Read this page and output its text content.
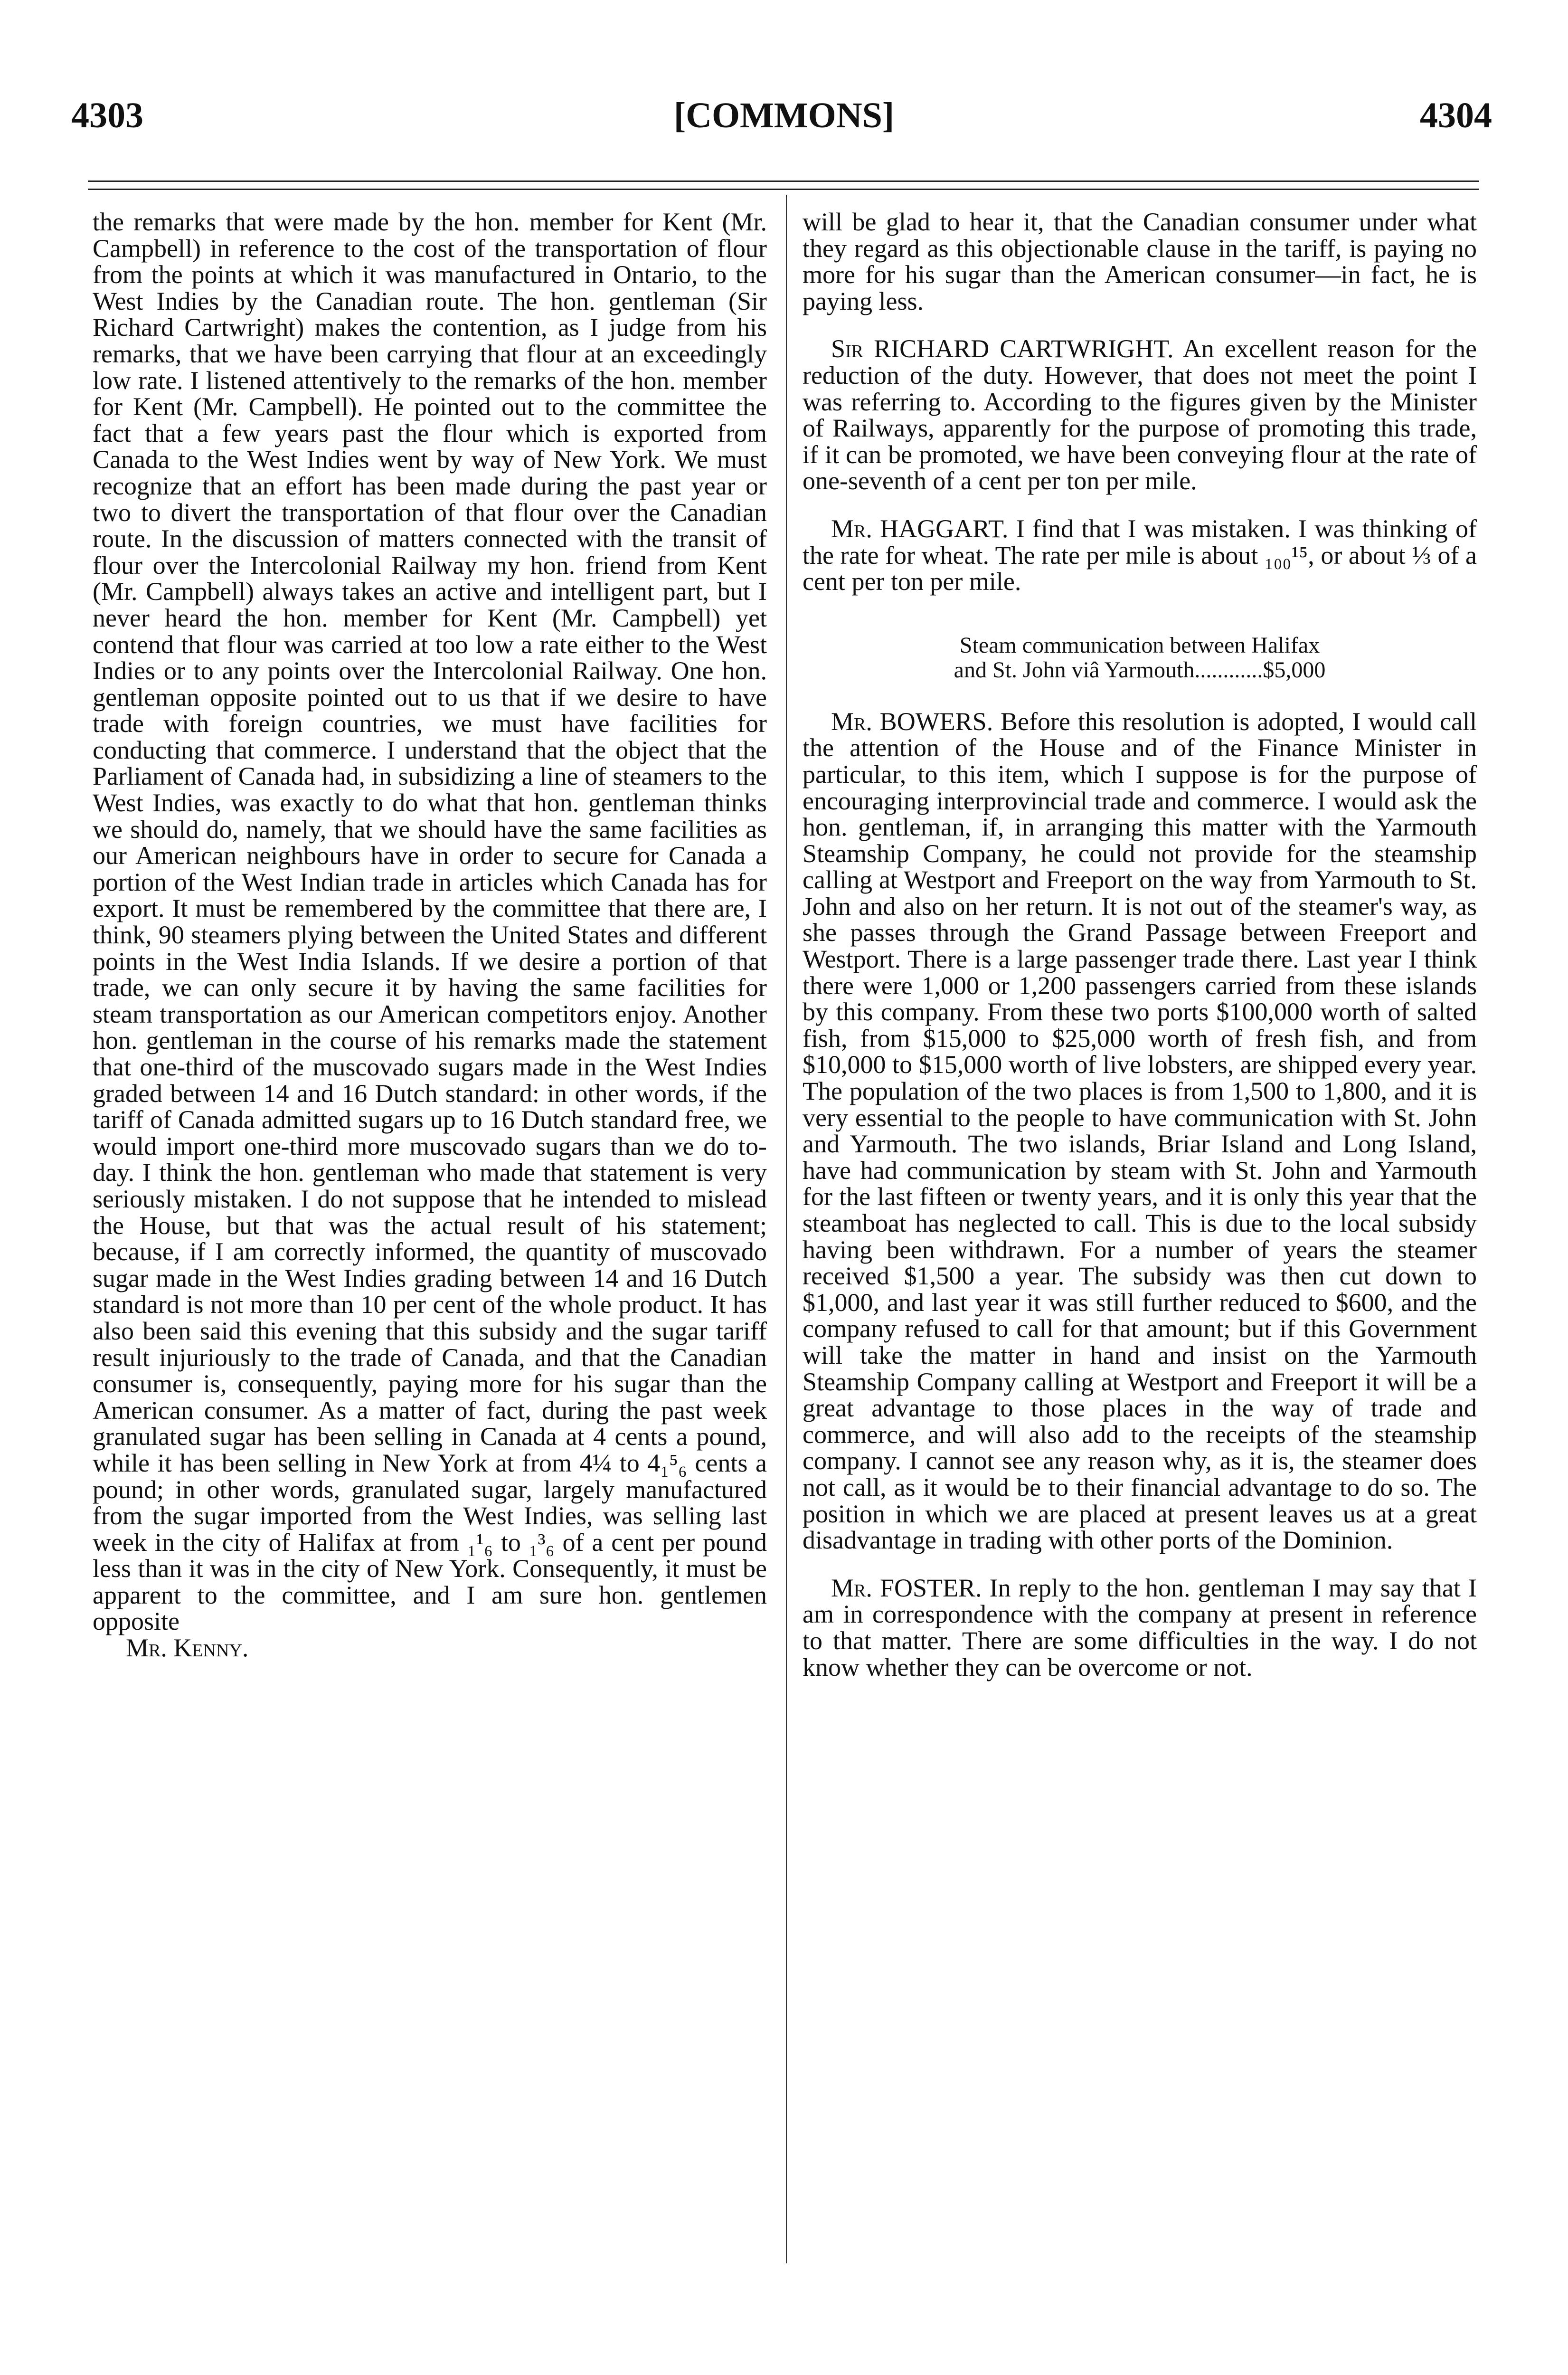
4303	[COMMONS]	4304

the remarks that were made by the hon. member for Kent (Mr. Campbell) in reference to the cost of the transportation of flour from the points at which it was manufactured in Ontario, to the West Indies by the Canadian route. The hon. gentleman (Sir Richard Cartwright) makes the contention, as I judge from his remarks, that we have been carrying that flour at an exceedingly low rate. I listened attentively to the remarks of the hon. member for Kent (Mr. Campbell). He pointed out to the committee the fact that a few years past the flour which is exported from Canada to the West Indies went by way of New York. We must recognize that an effort has been made during the past year or two to divert the transportation of that flour over the Canadian route. In the discussion of matters connected with the transit of flour over the Intercolonial Railway my hon. friend from Kent (Mr. Campbell) always takes an active and intelligent part, but I never heard the hon. member for Kent (Mr. Campbell) yet contend that flour was carried at too low a rate either to the West Indies or to any points over the Intercolonial Railway. One hon. gentleman opposite pointed out to us that if we desire to have trade with foreign countries, we must have facilities for conducting that commerce. I understand that the object that the Parliament of Canada had, in subsidizing a line of steamers to the West Indies, was exactly to do what that hon. gentleman thinks we should do, namely, that we should have the same facilities as our American neighbours have in order to secure for Canada a portion of the West Indian trade in articles which Canada has for export. It must be remembered by the committee that there are, I think, 90 steamers plying between the United States and different points in the West India Islands. If we desire a portion of that trade, we can only secure it by having the same facilities for steam transportation as our American competitors enjoy. Another hon. gentleman in the course of his remarks made the statement that one-third of the muscovado sugars made in the West Indies graded between 14 and 16 Dutch standard: in other words, if the tariff of Canada admitted sugars up to 16 Dutch standard free, we would import one-third more muscovado sugars than we do to-day. I think the hon. gentleman who made that statement is very seriously mistaken. I do not suppose that he intended to mislead the House, but that was the actual result of his statement; because, if I am correctly informed, the quantity of muscovado sugar made in the West Indies grading between 14 and 16 Dutch standard is not more than 10 per cent of the whole product. It has also been said this evening that this subsidy and the sugar tariff result injuriously to the trade of Canada, and that the Canadian consumer is, consequently, paying more for his sugar than the American consumer. As a matter of fact, during the past week granulated sugar has been selling in Canada at 4 cents a pound, while it has been selling in New York at from 4¼ to 4₁⁵₆ cents a pound; in other words, granulated sugar, largely manufactured from the sugar imported from the West Indies, was selling last week in the city of Halifax at from ₁¹₆ to ₁³₆ of a cent per pound less than it was in the city of New York. Consequently, it must be apparent to the committee, and I am sure hon. gentlemen opposite

Mr. Kenny.

will be glad to hear it, that the Canadian consumer under what they regard as this objectionable clause in the tariff, is paying no more for his sugar than the American consumer—in fact, he is paying less.

Sir RICHARD CARTWRIGHT. An excellent reason for the reduction of the duty. However, that does not meet the point I was referring to. According to the figures given by the Minister of Railways, apparently for the purpose of promoting this trade, if it can be promoted, we have been conveying flour at the rate of one-seventh of a cent per ton per mile.

Mr. HAGGART. I find that I was mistaken. I was thinking of the rate for wheat. The rate per mile is about ₁₀₀¹⁵, or about ⅓ of a cent per ton per mile.

Steam communication between Halifax
and St. John viâ Yarmouth............$5,000

Mr. BOWERS. Before this resolution is adopted, I would call the attention of the House and of the Finance Minister in particular, to this item, which I suppose is for the purpose of encouraging interprovincial trade and commerce. I would ask the hon. gentleman, if, in arranging this matter with the Yarmouth Steamship Company, he could not provide for the steamship calling at Westport and Freeport on the way from Yarmouth to St. John and also on her return. It is not out of the steamer's way, as she passes through the Grand Passage between Freeport and Westport. There is a large passenger trade there. Last year I think there were 1,000 or 1,200 passengers carried from these islands by this company. From these two ports $100,000 worth of salted fish, from $15,000 to $25,000 worth of fresh fish, and from $10,000 to $15,000 worth of live lobsters, are shipped every year. The population of the two places is from 1,500 to 1,800, and it is very essential to the people to have communication with St. John and Yarmouth. The two islands, Briar Island and Long Island, have had communication by steam with St. John and Yarmouth for the last fifteen or twenty years, and it is only this year that the steamboat has neglected to call. This is due to the local subsidy having been withdrawn. For a number of years the steamer received $1,500 a year. The subsidy was then cut down to $1,000, and last year it was still further reduced to $600, and the company refused to call for that amount; but if this Government will take the matter in hand and insist on the Yarmouth Steamship Company calling at Westport and Freeport it will be a great advantage to those places in the way of trade and commerce, and will also add to the receipts of the steamship company. I cannot see any reason why, as it is, the steamer does not call, as it would be to their financial advantage to do so. The position in which we are placed at present leaves us at a great disadvantage in trading with other ports of the Dominion.

Mr. FOSTER. In reply to the hon. gentleman I may say that I am in correspondence with the company at present in reference to that matter. There are some difficulties in the way. I do not know whether they can be overcome or not.
